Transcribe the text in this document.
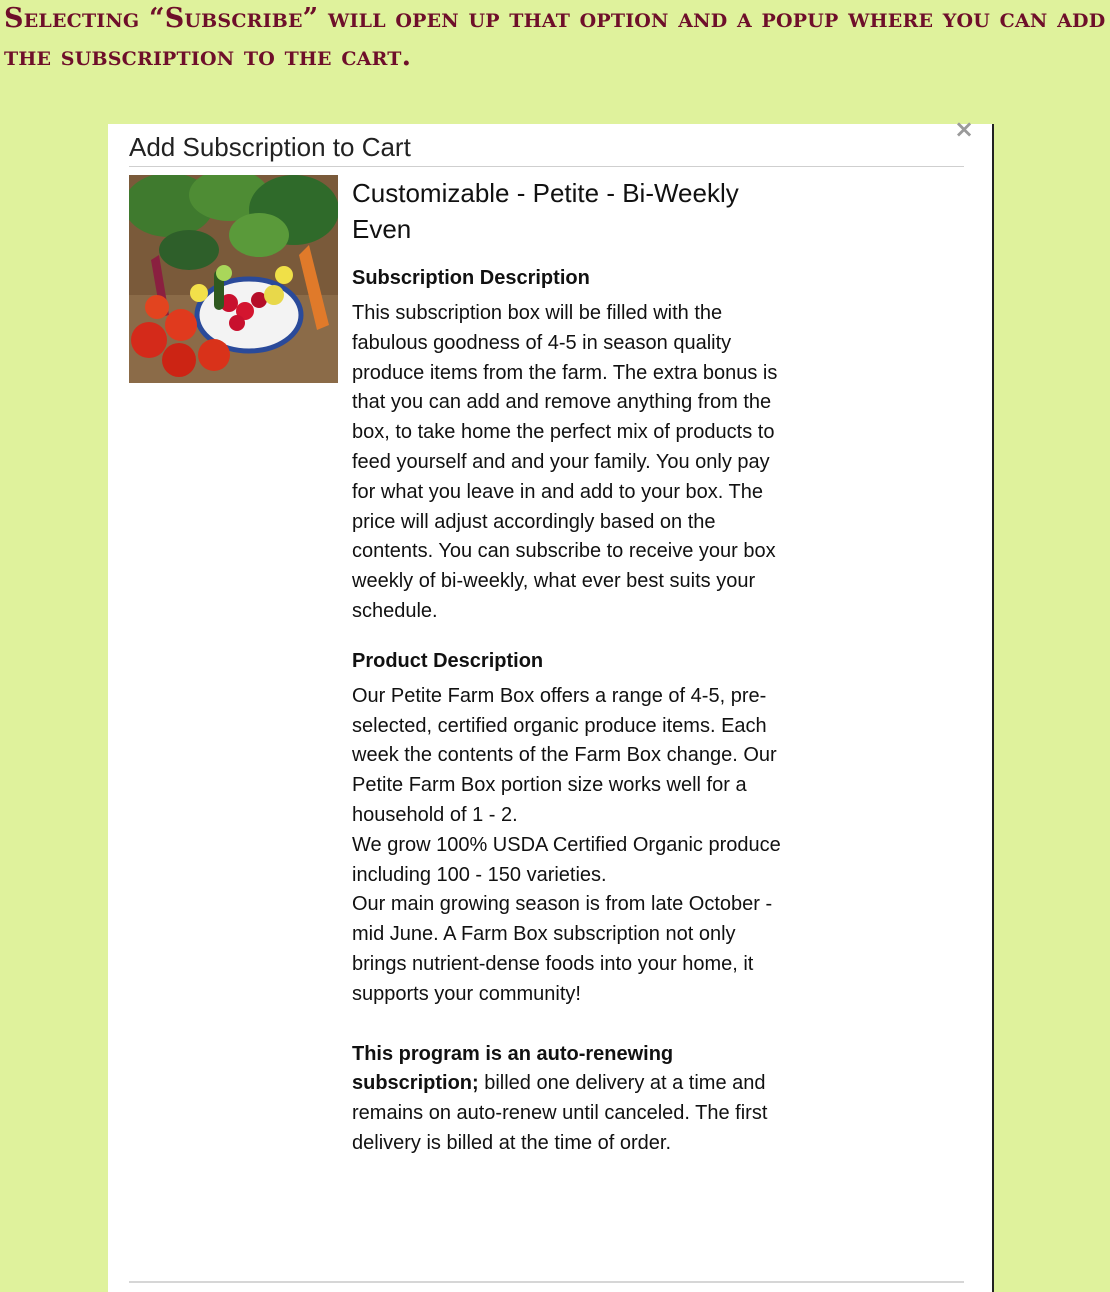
Selecting “Subscribe” will open up that option and a popup where you can add the subscription to the cart.

Add Subscription to Cart
×
Customizable - Petite - Bi-Weekly Even
Subscription Description

This subscription box will be filled with the fabulous goodness of 4-5 in season quality produce items from the farm. The extra bonus is that you can add and remove anything from the box, to take home the perfect mix of products to feed yourself and and your family. You only pay for what you leave in and add to your box. The price will adjust accordingly based on the contents. You can subscribe to receive your box weekly of bi-weekly, what ever best suits your schedule.

Product Description

Our Petite Farm Box offers a range of 4-5, pre-selected, certified organic produce items. Each week the contents of the Farm Box change. Our Petite Farm Box portion size works well for a household of 1 - 2.
We grow 100% USDA Certified Organic produce including 100 - 150 varieties.
Our main growing season is from late October - mid June. A Farm Box subscription not only brings nutrient-dense foods into your home, it supports your community!

This program is an auto-renewing subscription; billed one delivery at a time and remains on auto-renew until canceled. The first delivery is billed at the time of order.
